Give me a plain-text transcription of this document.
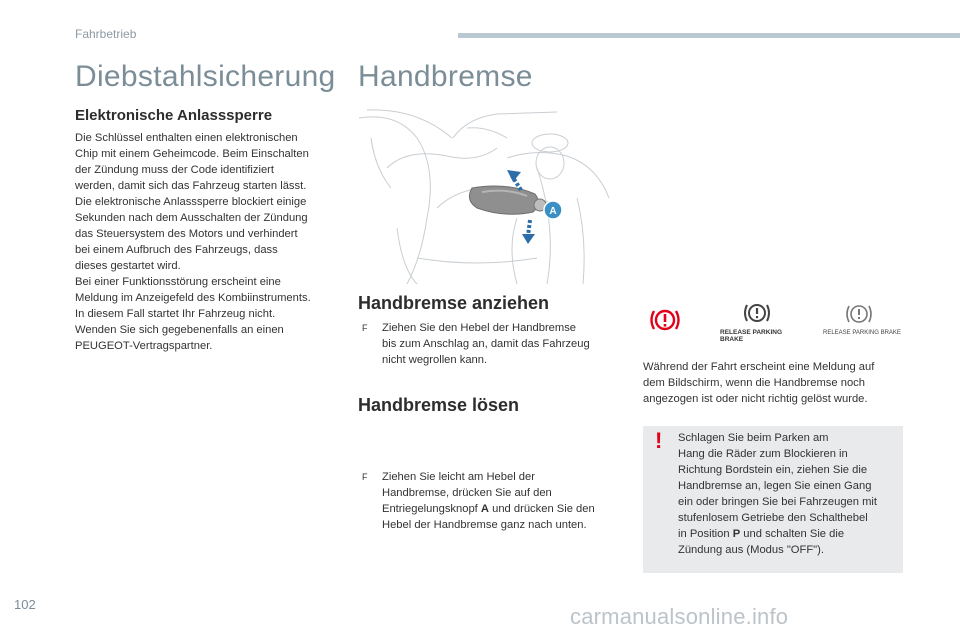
Fahrbetrieb
Diebstahlsicherung Handbremse
Elektronische Anlasssperre
Die Schlüssel enthalten einen elektronischen
Chip mit einem Geheimcode. Beim Einschalten
der Zündung muss der Code identifiziert
werden, damit sich das Fahrzeug starten lässt.
Die elektronische Anlasssperre blockiert einige
Sekunden nach dem Ausschalten der Zündung
das Steuersystem des Motors und verhindert
bei einem Aufbruch des Fahrzeugs, dass
dieses gestartet wird.
Bei einer Funktionsstörung erscheint eine
Meldung im Anzeigefeld des Kombiinstruments.
In diesem Fall startet Ihr Fahrzeug nicht.
Wenden Sie sich gegebenenfalls an einen
PEUGEOT-Vertragspartner.
A
Handbremse anziehen
F Ziehen Sie den Hebel der Handbremse
bis zum Anschlag an, damit das Fahrzeug
nicht wegrollen kann.
Handbremse lösen
F Ziehen Sie leicht am Hebel der
Handbremse, drücken Sie auf den
Entriegelungsknopf A und drücken Sie den
Hebel der Handbremse ganz nach unten.
RELEASE PARKING
BRAKE
RELEASE PARKING BRAKE
Während der Fahrt erscheint eine Meldung auf
dem Bildschirm, wenn die Handbremse noch
angezogen ist oder nicht richtig gelöst wurde.
! Schlagen Sie beim Parken am
Hang die Räder zum Blockieren in
Richtung Bordstein ein, ziehen Sie die
Handbremse an, legen Sie einen Gang
ein oder bringen Sie bei Fahrzeugen mit
stufenlosem Getriebe den Schalthebel
in Position P und schalten Sie die
Zündung aus (Modus "OFF").
102	carmanualsonline.info
